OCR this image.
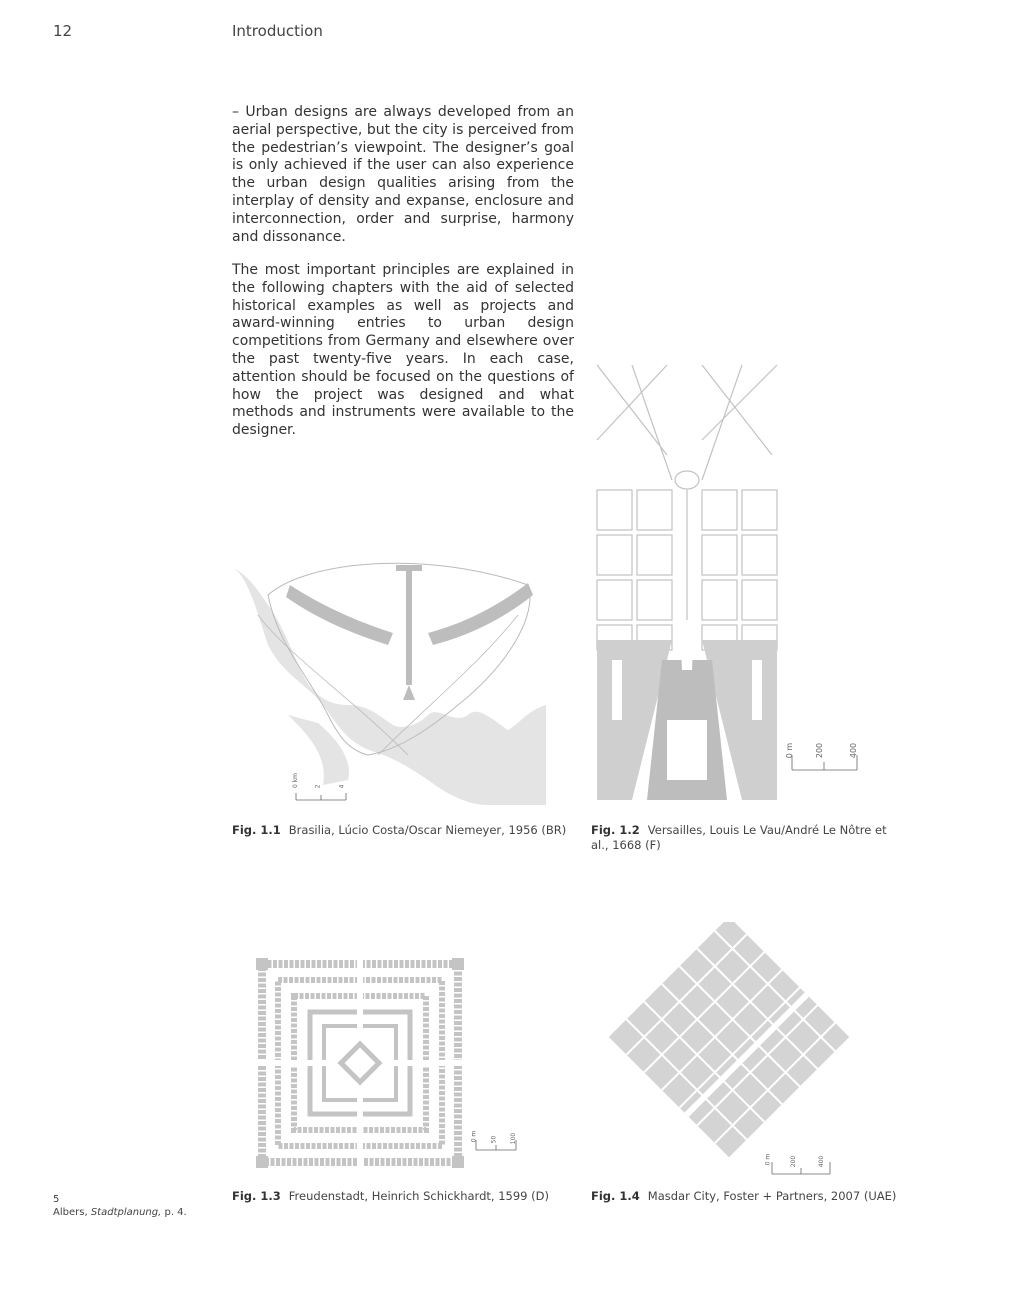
12	Introduction

– Urban designs are always developed from an aerial perspective, but the city is perceived from the pedestrian’s viewpoint. The designer’s goal is only achieved if the user can also experience the urban design qualities arising from the interplay of density and expanse, enclosure and interconnection, order and surprise, harmony and dissonance.

The most important principles are explained in the following chapters with the aid of selected historical examples as well as projects and award-winning entries to urban design competitions from Germany and elsewhere over the past twenty-five years. In each case, attention should be focused on the questions of how the project was designed and what methods and instruments were available to the designer.

0 km	2	4
Fig. 1.1 Brasilia, Lúcio Costa/Oscar Niemeyer, 1956 (BR)
0 m	200	400
Fig. 1.2 Versailles, Louis Le Vau/André Le Nôtre et al., 1668 (F)
0 m 50 100
Fig. 1.3 Freudenstadt, Heinrich Schickhardt, 1599 (D)
0 m	200	400
Fig. 1.4 Masdar City, Foster + Partners, 2007 (UAE)
5
Albers, Stadtplanung, p. 4.
